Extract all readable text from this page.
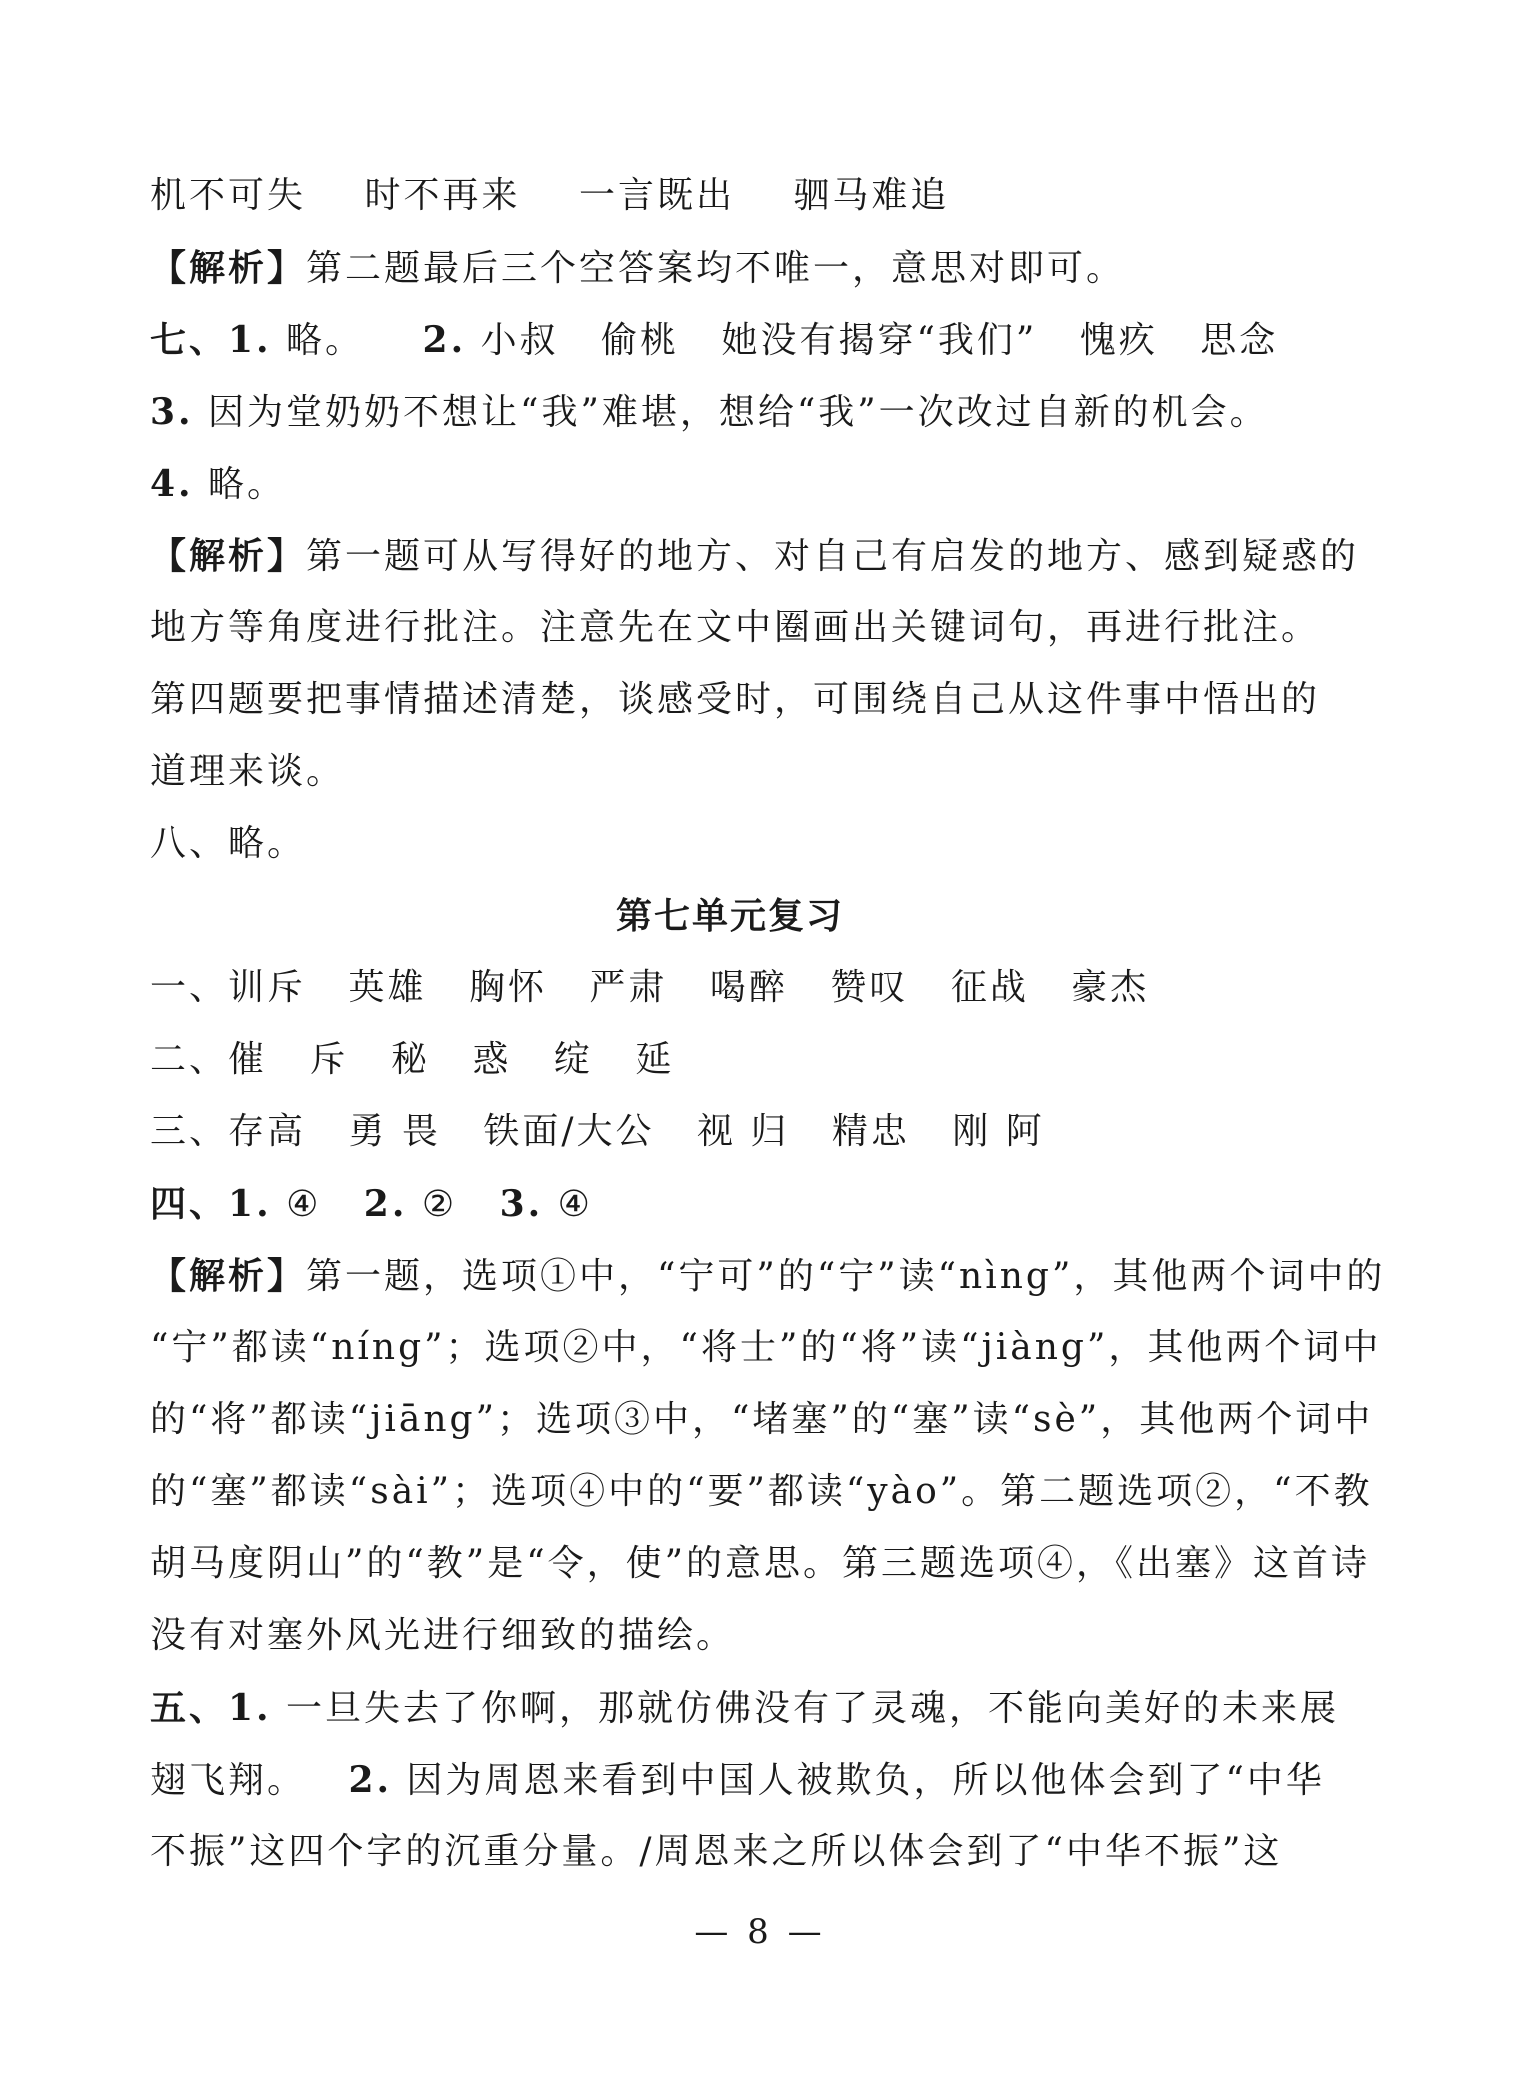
机不可失 时不再来 一言既出 驷马难追
【解析】第二题最后三个空答案均不唯一，意思对即可。
七、1. 略。 2. 小叔 偷桃 她没有揭穿“我们” 愧疚 思念
3. 因为堂奶奶不想让“我”难堪，想给“我”一次改过自新的机会。
4. 略。
【解析】第一题可从写得好的地方、对自己有启发的地方、感到疑惑的
地方等角度进行批注。注意先在文中圈画出关键词句，再进行批注。
第四题要把事情描述清楚，谈感受时，可围绕自己从这件事中悟出的
道理来谈。
八、略。
第七单元复习
一、训斥 英雄 胸怀 严肃 喝醉 赞叹 征战 豪杰
二、催 斥 秘 惑 绽 延
三、存高 勇 畏 铁面/大公 视 归 精忠 刚 阿
四、1. ④ 2. ② 3. ④
【解析】第一题，选项①中，“宁可”的“宁”读“nìng”，其他两个词中的
“宁”都读“níng”；选项②中，“将士”的“将”读“jiàng”，其他两个词中
的“将”都读“jiāng”；选项③中，“堵塞”的“塞”读“sè”，其他两个词中
的“塞”都读“sài”；选项④中的“要”都读“yào”。第二题选项②，“不教
胡马度阴山”的“教”是“令，使”的意思。第三题选项④，《出塞》这首诗
没有对塞外风光进行细致的描绘。
五、1. 一旦失去了你啊，那就仿佛没有了灵魂，不能向美好的未来展
翅飞翔。 2. 因为周恩来看到中国人被欺负，所以他体会到了“中华
不振”这四个字的沉重分量。/周恩来之所以体会到了“中华不振”这
— 8 —
